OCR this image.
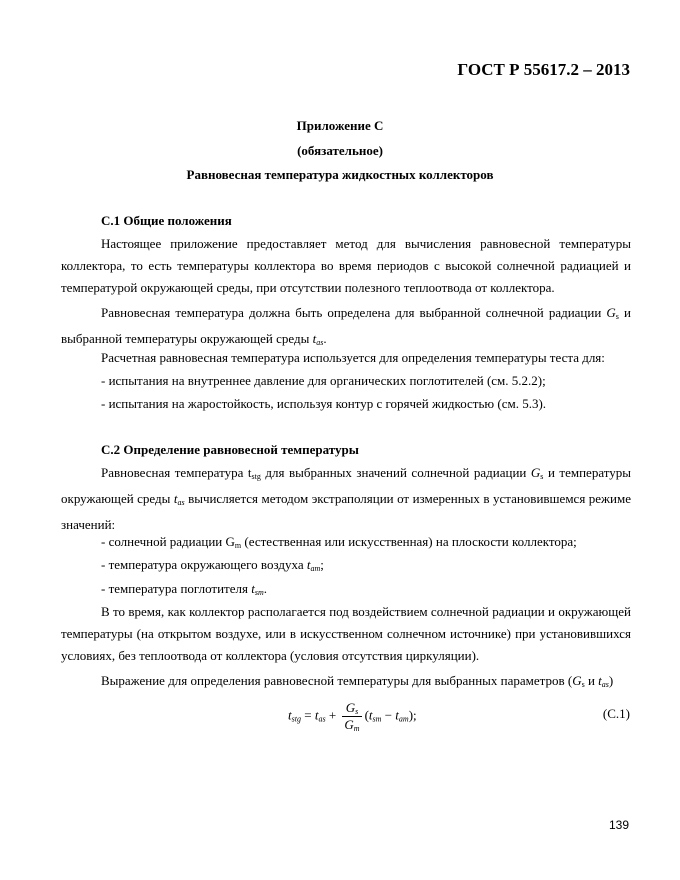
ГОСТ Р 55617.2 – 2013
Приложение С
(обязательное)
Равновесная температура жидкостных коллекторов
С.1 Общие положения
Настоящее приложение предоставляет метод для вычисления равновесной температуры коллектора, то есть температуры коллектора во время периодов с высокой солнечной радиацией и температурой окружающей среды, при отсутствии полезного теплоотвода от коллектора.
Равновесная температура должна быть определена для выбранной солнечной радиации $G_s$ и выбранной температуры окружающей среды $t_{as}$.
Расчетная равновесная температура используется для определения температуры теста для:
- испытания на внутреннее давление для органических поглотителей (см. 5.2.2);
- испытания на жаростойкость, используя контур с горячей жидкостью (см. 5.3).
С.2 Определение равновесной температуры
Равновесная температура $t_{stg}$ для выбранных значений солнечной радиации $G_s$ и температуры окружающей среды $t_{as}$ вычисляется методом экстраполяции от измеренных в установившемся режиме значений:
- солнечной радиации $G_m$ (естественная или искусственная) на плоскости коллектора;
- температура окружающего воздуха $t_{am}$;
- температура поглотителя $t_{sm}$.
В то время, как коллектор располагается под воздействием солнечной радиации и окружающей температуры (на открытом воздухе, или в искусственном солнечном источнике) при установившихся условиях, без теплоотвода от коллектора (условия отсутствия циркуляции).
Выражение для определения равновесной температуры для выбранных параметров ($G_s$ и $t_{as}$)
$t_{stg} = t_{as} + \frac{G_s}{G_m} (t_{sm} - t_{am})$;	(С.1)
139
